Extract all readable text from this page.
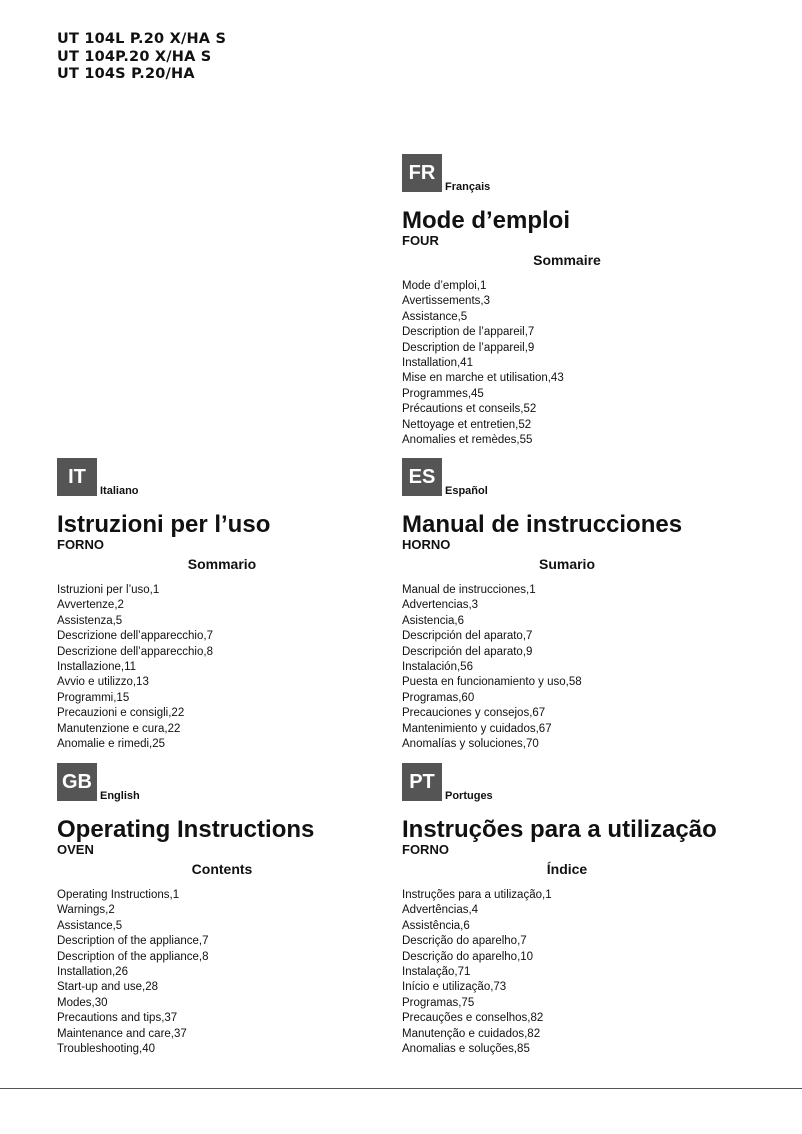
UT 104L P.20 X/HA S
UT 104P.20 X/HA S
UT 104S P.20/HA
FR
Français
Mode d’emploi
FOUR
Sommaire
Mode d’emploi,1
Avertissements,3
Assistance,5
Description de l’appareil,7
Description de l’appareil,9
Installation,41
Mise en marche et utilisation,43
Programmes,45
Précautions et conseils,52
Nettoyage et entretien,52
Anomalies et remèdes,55
IT
Italiano
Istruzioni per l’uso
FORNO
Sommario
Istruzioni per l’uso,1
Avvertenze,2
Assistenza,5
Descrizione dell’apparecchio,7
Descrizione dell’apparecchio,8
Installazione,11
Avvio e utilizzo,13
Programmi,15
Precauzioni e consigli,22
Manutenzione e cura,22
Anomalie e rimedi,25
ES
Español
Manual de instrucciones
HORNO
Sumario
Manual de instrucciones,1
Advertencias,3
Asistencia,6
Descripción del aparato,7
Descripción del aparato,9
Instalación,56
Puesta en funcionamiento y uso,58
Programas,60
Precauciones y consejos,67
Mantenimiento y cuidados,67
Anomalías y soluciones,70
GB
English
Operating Instructions
OVEN
Contents
Operating Instructions,1
Warnings,2
Assistance,5
Description of the appliance,7
Description of the appliance,8
Installation,26
Start-up and use,28
Modes,30
Precautions and tips,37
Maintenance and care,37
Troubleshooting,40
PT
Portuges
Instruções para a utilização
FORNO
Índice
Instruções para a utilização,1
Advertências,4
Assistência,6
Descrição do aparelho,7
Descrição do aparelho,10
Instalação,71
Início e utilização,73
Programas,75
Precauções e conselhos,82
Manutenção e cuidados,82
Anomalias e soluções,85
